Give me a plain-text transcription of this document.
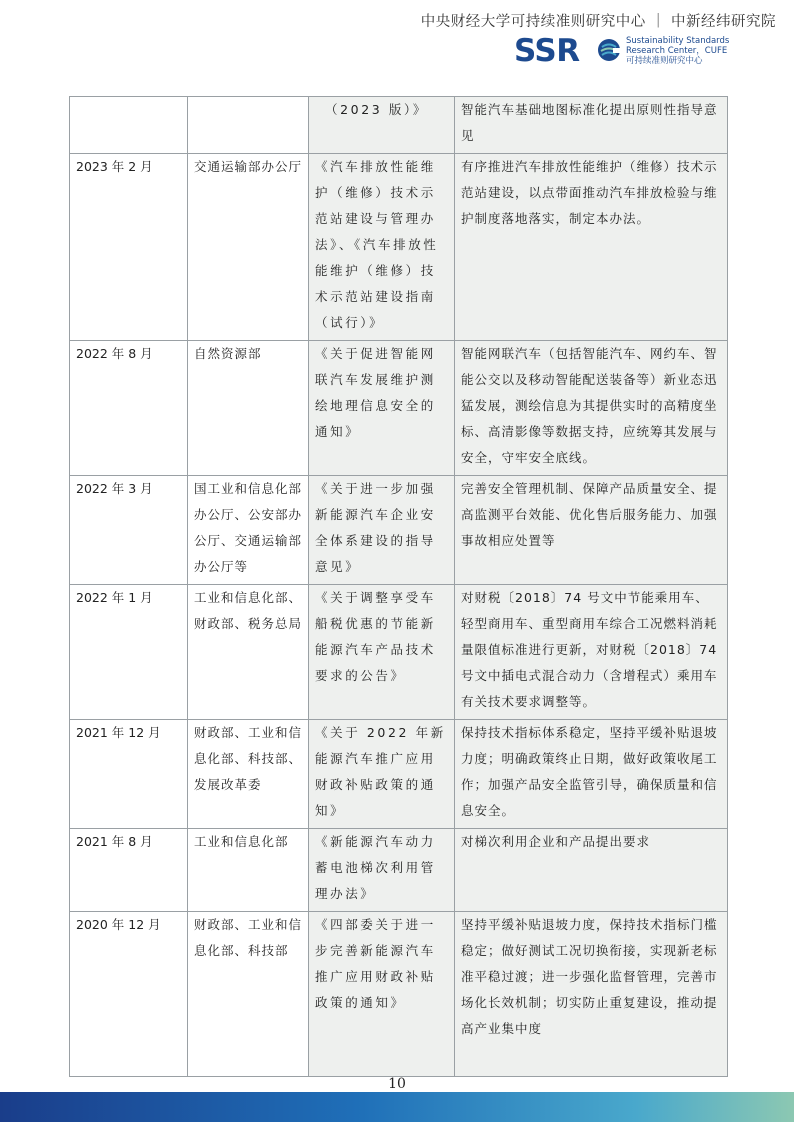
中央财经大学可持续准则研究中心 ｜ 中新经纬研究院
SSR	Sustainability Standards
Research Center，CUFE
可持续准则研究中心

		（2023 版）》	智能汽车基础地图标准化提出原则性指导意见

2023 年 2 月	交通运输部办公厅	《汽车排放性能维护（维修）技术示范站建设与管理办法》、《汽车排放性能维护（维修）技术示范站建设指南（试行）》	有序推进汽车排放性能维护（维修）技术示范站建设，以点带面推动汽车排放检验与维护制度落地落实，制定本办法。

2022 年 8 月	自然资源部	《关于促进智能网联汽车发展维护测绘地理信息安全的通知》	智能网联汽车（包括智能汽车、网约车、智能公交以及移动智能配送装备等）新业态迅猛发展，测绘信息为其提供实时的高精度坐标、高清影像等数据支持，应统筹其发展与安全，守牢安全底线。

2022 年 3 月	国工业和信息化部办公厅、公安部办公厅、交通运输部办公厅等	《关于进一步加强新能源汽车企业安全体系建设的指导意见》	完善安全管理机制、保障产品质量安全、提高监测平台效能、优化售后服务能力、加强事故相应处置等

2022 年 1 月	工业和信息化部、财政部、税务总局	《关于调整享受车船税优惠的节能新能源汽车产品技术要求的公告》	对财税〔2018〕74 号文中节能乘用车、轻型商用车、重型商用车综合工况燃料消耗量限值标准进行更新，对财税〔2018〕74 号文中插电式混合动力（含增程式）乘用车有关技术要求调整等。

2021 年 12 月	财政部、工业和信息化部、科技部、发展改革委	《关于 2022 年新能源汽车推广应用财政补贴政策的通知》	保持技术指标体系稳定，坚持平缓补贴退坡力度；明确政策终止日期，做好政策收尾工作；加强产品安全监管引导，确保质量和信息安全。

2021 年 8 月	工业和信息化部	《新能源汽车动力蓄电池梯次利用管理办法》	对梯次利用企业和产品提出要求

2020 年 12 月	财政部、工业和信息化部、科技部	《四部委关于进一步完善新能源汽车推广应用财政补贴政策的通知》	坚持平缓补贴退坡力度，保持技术指标门槛稳定；做好测试工况切换衔接，实现新老标准平稳过渡；进一步强化监督管理，完善市场化长效机制；切实防止重复建设，推动提高产业集中度
10
